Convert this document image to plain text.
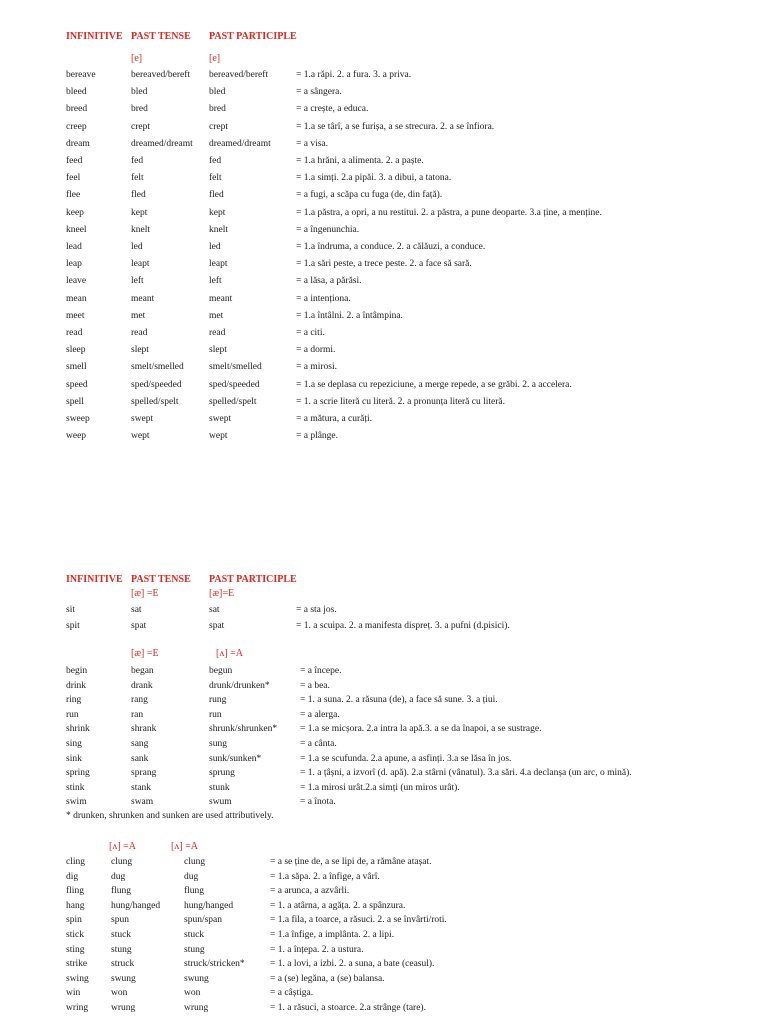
INFINITIVE PAST TENSE PAST PARTICIPLE
[e]	[e]
bereave	bereaved/bereft bereaved/bereft	= 1.a răpi. 2. a fura. 3. a priva.
bleed	bled	bled	= a sângera.
breed	bred	bred	= a crește, a educa.
creep	crept	crept	= 1.a se târî, a se furișa, a se strecura. 2. a se înfiora.
dream	dreamed/dreamt dreamed/dreamt	= a visa.
feed	fed	fed	= 1.a hrăni, a alimenta. 2. a paște.
feel	felt	felt	= 1.a simți. 2.a pipăi. 3. a dibui, a tatona.
flee	fled	fled	= a fugi, a scăpa cu fuga (de, din față).
keep	kept	kept	= 1.a păstra, a opri, a nu restitui. 2. a păstra, a pune deoparte. 3.a ține, a menține.
kneel	knelt	knelt	= a îngenunchia.
lead	led	led	= 1.a îndruma, a conduce. 2. a călăuzi, a conduce.
leap	leapt	leapt	= 1.a sări peste, a trece peste. 2. a face să sară.
leave	left	left	= a lăsa, a părăsi.
mean	meant	meant	= a intenționa.
meet	met	met	= 1.a întâlni. 2. a întâmpina.
read	read	read	= a citi.
sleep	slept	slept	= a dormi.
smell	smelt/smelled	smelt/smelled	= a mirosi.
speed	sped/speeded	sped/speeded	= 1.a se deplasa cu repeziciune, a merge repede, a se grăbi. 2. a accelera.
spell	spelled/spelt	spelled/spelt	= 1. a scrie literă cu literă. 2. a pronunța literă cu literă.
sweep	swept	swept	= a mătura, a curăți.
weep	wept	wept	= a plânge.
INFINITIVE PAST TENSE PAST PARTICIPLE
[æ] =E	[æ]=E
sit	sat	sat	= a sta jos.
spit	spat	spat	= 1. a scuipa. 2. a manifesta dispreț. 3. a pufni (d.pisici).
[æ] =E	[ʌ] =A
begin	began	begun	= a începe.
drink	drank	drunk/drunken*	= a bea.
ring	rang	rung	= 1. a suna. 2. a răsuna (de), a face să sune. 3. a țiui.
run	ran	run	= a alerga.
shrink	shrank	shrunk/shrunken* = 1.a se micșora. 2.a intra la apă.3. a se da înapoi, a se sustrage.
sing	sang	sung	= a cânta.
sink	sank	sunk/sunken*	= 1.a se scufunda. 2.a apune, a asfinți. 3.a se lăsa în jos.
spring	sprang	sprung	= 1. a țâșni, a izvorî (d. apă). 2.a stârni (vânatul). 3.a sări. 4.a declanșa (un arc, o mină).
stink	stank	stunk	= 1.a mirosi urât.2.a simți (un miros urât).
swim	swam	swum	= a înota.
* drunken, shrunken and sunken are used attributively.
[ʌ] =A	[ʌ] =A
cling	clung	clung	= a se ține de, a se lipi de, a rămâne atașat.
dig	dug	dug	= 1.a săpa. 2. a înfige, a vârî.
fling	flung	flung	= a arunca, a azvârli.
hang	hung/hanged	hung/hanged	= 1. a atârna, a agăța. 2. a spânzura.
spin	spun	spun/span	= 1.a fila, a toarce, a răsuci. 2. a se învârti/roti.
stick	stuck	stuck	= 1.a înfige, a implânta. 2. a lipi.
sting	stung	stung	= 1. a înțepa. 2. a ustura.
strike	struck	struck/stricken*	= 1. a lovi, a izbi. 2. a suna, a bate (ceasul).
swing swung	swung	= a (se) legăna, a (se) balansa.
win	won	won	= a câștiga.
wring wrung	wrung	= 1. a răsuci, a stoarce. 2.a strânge (tare).
